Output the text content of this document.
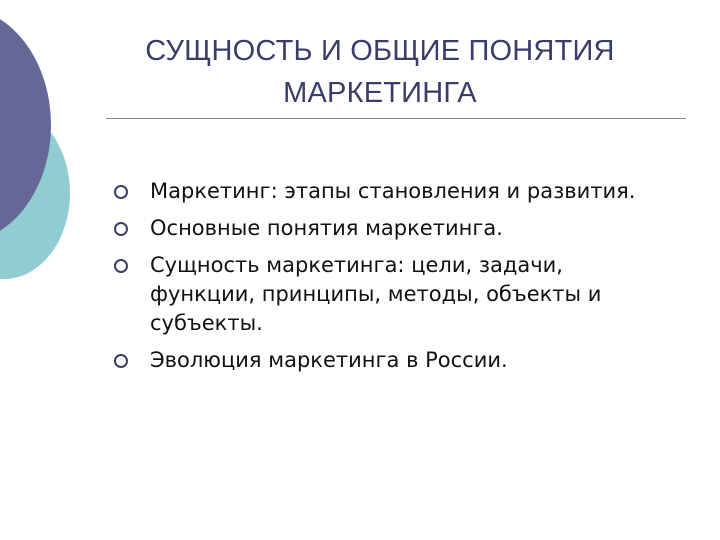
СУЩНОСТЬ И ОБЩИЕ ПОНЯТИЯ
МАРКЕТИНГА
Маркетинг: этапы становления и развития.
Основные понятия маркетинга.
Сущность маркетинга: цели, задачи, функции, принципы, методы, объекты и субъекты.
Эволюция маркетинга в России.
